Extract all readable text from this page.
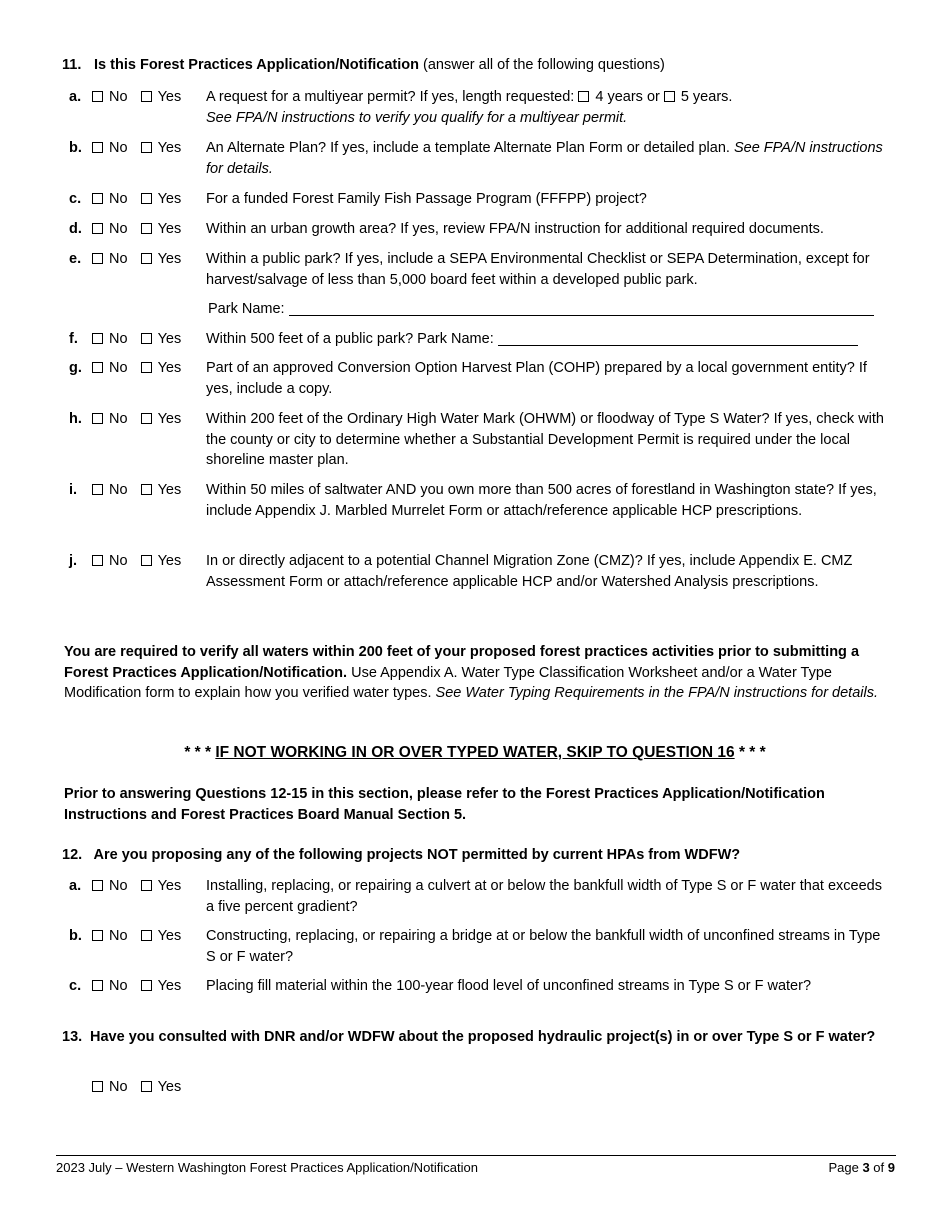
11. Is this Forest Practices Application/Notification (answer all of the following questions)
a.	No Yes	A request for a multiyear permit? If yes, length requested: 4 years or5 years.
See FPA/N instructions to verify you qualify for a multiyear permit.
b.	No Yes	An Alternate Plan? If yes, include a template Alternate Plan Form or detailed plan. See FPA/N instructions for details.
c.	No Yes	For a funded Forest Family Fish Passage Program (FFFPP) project?
d.	No Yes	Within an urban growth area? If yes, review FPA/N instruction for additional required documents.
e.	No Yes	Within a public park? If yes, include a SEPA Environmental Checklist or SEPA Determination, except for harvest/salvage of less than 5,000 board feet within a developed public park.
Park Name:
f.	No Yes	Within 500 feet of a public park? Park Name:
g.	No Yes	Part of an approved Conversion Option Harvest Plan (COHP) prepared by a local government entity? If yes, include a copy.
h.	No Yes	Within 200 feet of the Ordinary High Water Mark (OHWM) or floodway of Type S Water? If yes, check with the county or city to determine whether a Substantial Development Permit is required under the local shoreline master plan.
i.	No Yes	Within 50 miles of saltwater AND you own more than 500 acres of forestland in Washington state? If yes, include Appendix J. Marbled Murrelet Form or attach/reference applicable HCP prescriptions.
j.	No Yes	In or directly adjacent to a potential Channel Migration Zone (CMZ)? If yes, include Appendix E. CMZ Assessment Form or attach/reference applicable HCP and/or Watershed Analysis prescriptions.
You are required to verify all waters within 200 feet of your proposed forest practices activities prior to submitting a Forest Practices Application/Notification. Use Appendix A. Water Type Classification Worksheet and/or a Water Type Modification form to explain how you verified water types. See Water Typing Requirements in the FPA/N instructions for details.
* * * IF NOT WORKING IN OR OVER TYPED WATER, SKIP TO QUESTION 16 * * *
Prior to answering Questions 12-15 in this section, please refer to the Forest Practices Application/Notification Instructions and Forest Practices Board Manual Section 5.
12. Are you proposing any of the following projects NOT permitted by current HPAs from WDFW?
a.	No Yes	Installing, replacing, or repairing a culvert at or below the bankfull width of Type S or F water that exceeds a five percent gradient?
b.	No Yes	Constructing, replacing, or repairing a bridge at or below the bankfull width of unconfined streams in Type S or F water?
c.	No Yes	Placing fill material within the 100-year flood level of unconfined streams in Type S or F water?
13. Have you consulted with DNR and/or WDFW about the proposed hydraulic project(s) in or over Type S or F water?
No Yes
2023 July – Western Washington Forest Practices Application/Notification	Page 3 of 9
